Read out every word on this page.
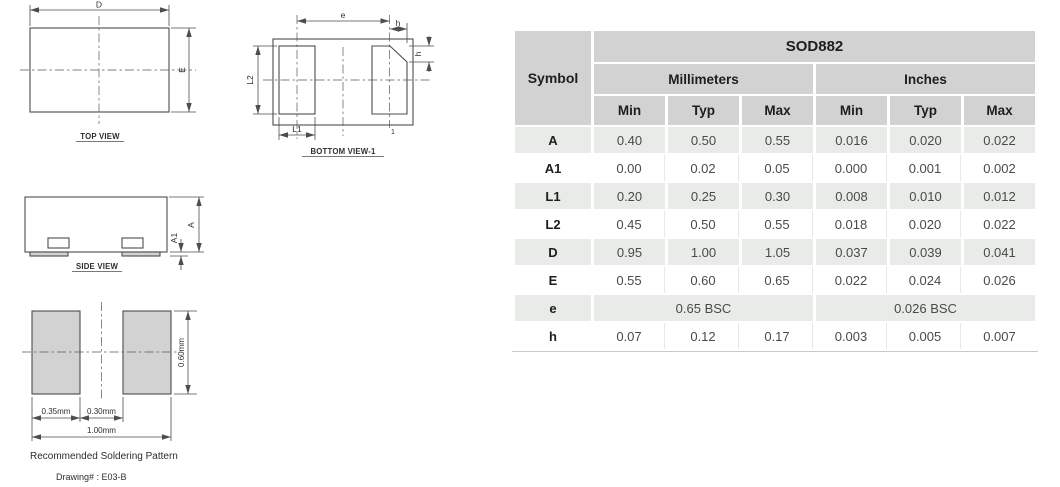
D
E
TOP VIEW
e
h
h
L2
L1	1
BOTTOM VIEW-1
A
A1
SIDE VIEW
0.35mm 0.30mm
1.00mm
0.60mm
Recommended Soldering Pattern
Drawing# : E03-B
Symbol	SOD882					
	Millimeters			Inches		
	Min	Typ	Max	Min	Typ	Max
A	0.40	0.50	0.55	0.016	0.020	0.022
A1	0.00	0.02	0.05	0.000	0.001	0.002
L1	0.20	0.25	0.30	0.008	0.010	0.012
L2	0.45	0.50	0.55	0.018	0.020	0.022
D	0.95	1.00	1.05	0.037	0.039	0.041
E	0.55	0.60	0.65	0.022	0.024	0.026
e	0.65 BSC			0.026 BSC		
h	0.07	0.12	0.17	0.003	0.005	0.007
